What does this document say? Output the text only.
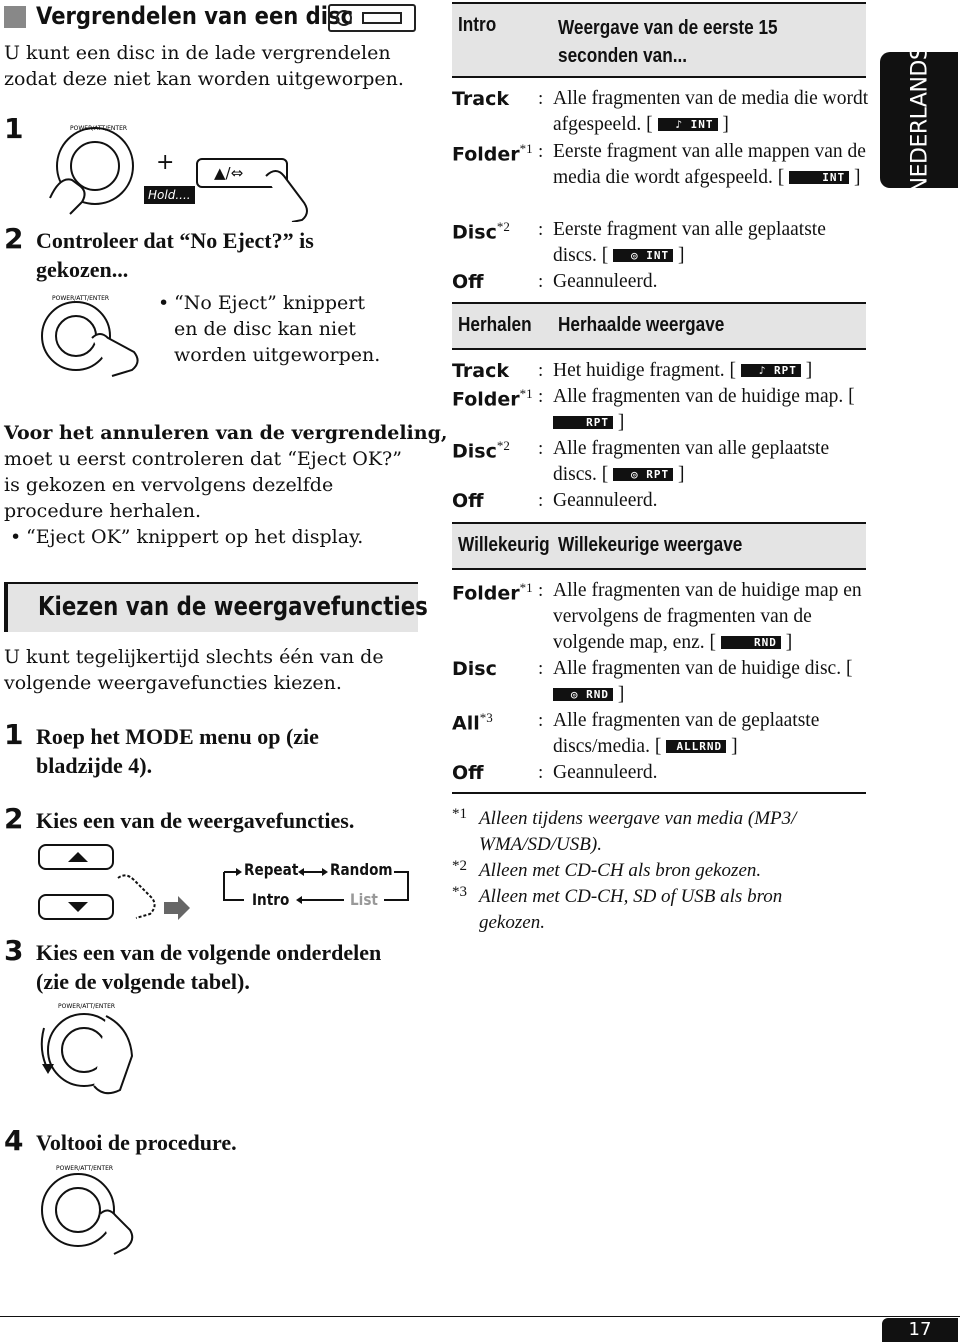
Vergrendelen van een disc
U kunt een disc in de lade vergrendelen zodat deze niet kan worden uitgeworpen.
1	POWER/ATT/ENTER
+
Hold....
▲/⇔
2 Controleer dat “No Eject?” is gekozen...
POWER/ATT/ENTER
•	“No Eject” knippert en de disc kan niet worden uitgeworpen.
Voor het annuleren van de vergrendeling,
moet u eerst controleren dat “Eject OK?” is gekozen en vervolgens dezelfde procedure herhalen.
• “Eject OK” knippert op het display.
Kiezen van de weergavefuncties
U kunt tegelijkertijd slechts één van de volgende weergavefuncties kiezen.
1 Roep het MODE menu op (zie bladzijde 4).
2 Kies een van de weergavefuncties.
Repeat Random
Intro	List
3 Kies een van de volgende onderdelen (zie de volgende tabel).
POWER/ATT/ENTER
4 Voltooi de procedure.
POWER/ATT/ENTER
Intro	Weergave van de eerste 15 seconden van...
Track : Alle fragmenten van de media die wordt afgespeeld. [ ♪ INT ]
Folder$^{*1}$ : Eerste fragment van alle mappen van de media die wordt afgespeeld. [	INT ]
Disc$^{*2}$ : Eerste fragment van alle geplaatste discs. [ ◎ INT ]
Off	: Geannuleerd.
Herhalen Herhaalde weergave
Track : Het huidige fragment. [ ♪ RPT ]
Folder$^{*1}$ : Alle fragmenten van de huidige map. [ RPT ]
Disc$^{*2}$ : Alle fragmenten van alle geplaatste discs. [ ◎ RPT ]
Off	: Geannuleerd.
Willekeurig Willekeurige weergave
Folder$^{*1}$ : Alle fragmenten van de huidige map en vervolgens de fragmenten van de volgende map, enz. [	RND ]
Disc : Alle fragmenten van de huidige disc. [ ◎ RND ]
All$^{*3}$ : Alle fragmenten van de geplaatste discs/media. [ ALLRND ]
Off	: Geannuleerd.
*1 Alleen tijdens weergave van media (MP3/ WMA/SD/USB).
*2 Alleen met CD-CH als bron gekozen.
*3 Alleen met CD-CH, SD of USB als bron gekozen.
NEDERLANDS
17
